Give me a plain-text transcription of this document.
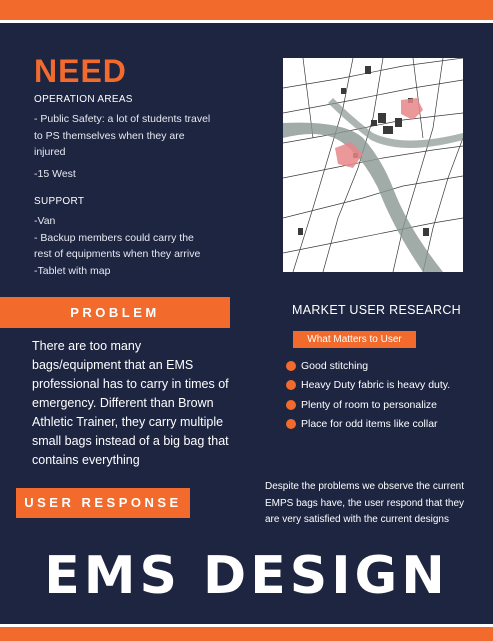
NEED
OPERATION AREAS
- Public Safety: a lot of students travel
to PS themselves when they are
injured
-15 West
SUPPORT
-Van
- Backup members could carry the
rest of equipments when they arrive
-Tablet with map
PROBLEM
There are too many
bags/equipment that an EMS
professional has to carry in times of
emergency. Different than Brown
Athletic Trainer, they carry multiple
small bags instead of a big bag that
contains everything
MARKET USER RESEARCH
What Matters to User
Good stitching
Heavy Duty fabric is heavy duty.
Plenty of room to personalize
Place for odd items like collar
Despite the problems we observe the current
EMPS bags have, the user respond that they
are very satisfied with the current designs
USER RESPONSE
EMS DESIGN
